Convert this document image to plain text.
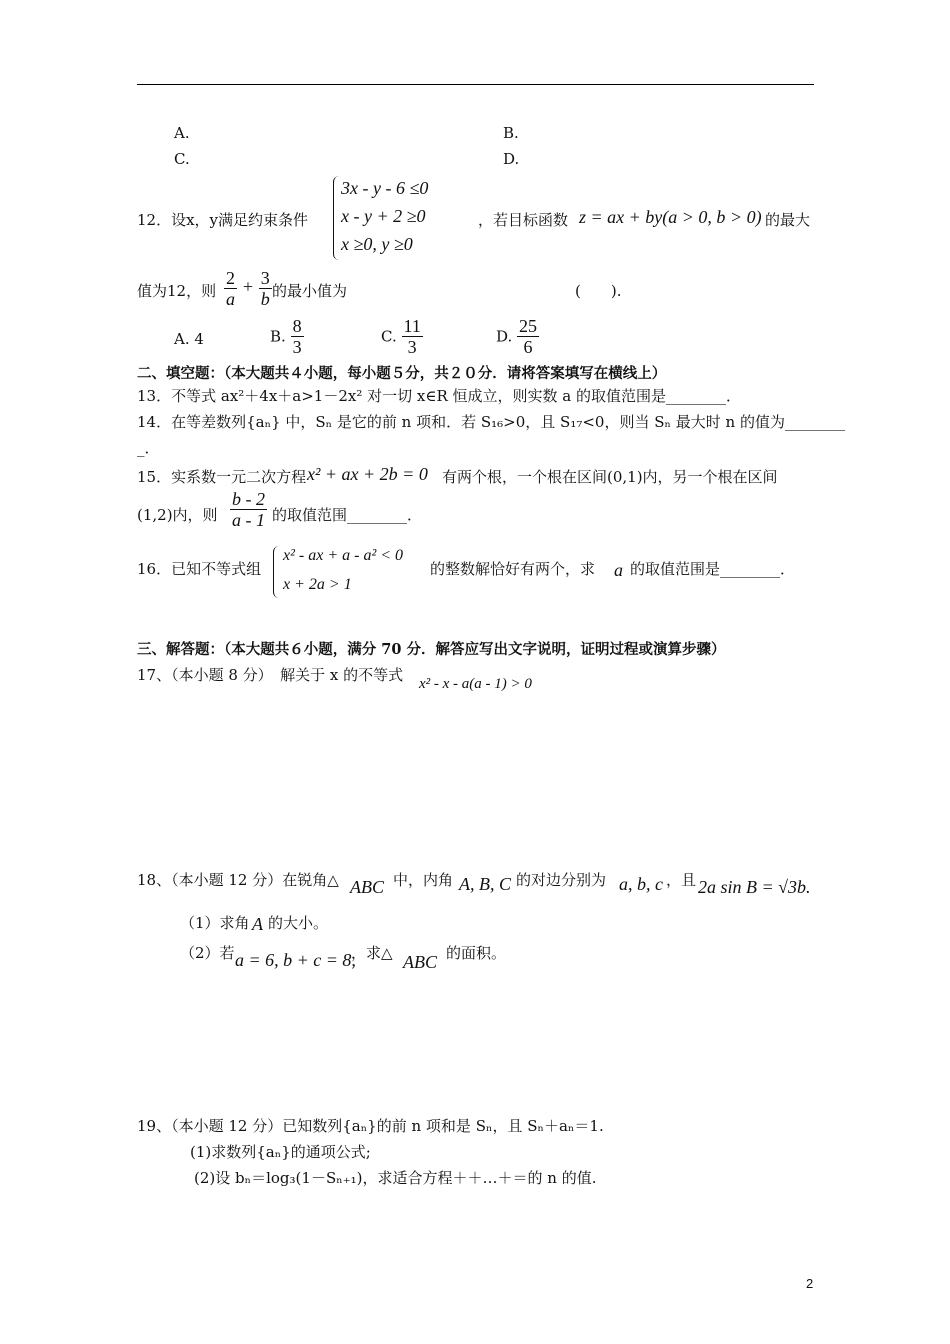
A.	B.
C.	D.
12．设x，y满足约束条件
3x - y - 6 ≤0
x - y + 2 ≥0
x ≥0, y ≥0
，若目标函数 z = ax + by(a > 0, b > 0) 的最大
值为12，则 $\frac{2}{a} + \frac{3}{b}$ 的最小值为	(　　).
A. 4	B. $\frac{8}{3}$	C. $\frac{11}{3}$	D. $\frac{25}{6}$
二、填空题：（本大题共４小题，每小题５分，共２０分．请将答案填写在横线上）
13．不等式 ax²＋4x＋a>1－2x² 对一切 x∈R 恒成立，则实数 a 的取值范围是________．
14．在等差数列{aₙ} 中，Sₙ 是它的前 n 项和．若 S₁₆>0，且 S₁₇<0，则当 Sₙ 最大时 n 的值为________
_．
15．实系数一元二次方程 x² + ax + 2b = 0 有两个根，一个根在区间(0,1)内，另一个根在区间
(1,2)内，则 $\frac{b - 2}{a - 1}$ 的取值范围________．
16．已知不等式组
x² - ax + a - a² < 0
x + 2a > 1
的整数解恰好有两个，求 a 的取值范围是________．
三、解答题：（本大题共６小题，满分 70 分．解答应写出文字说明，证明过程或演算步骤）
17、（本小题 8 分）　解关于 x 的不等式 x² - x - a(a - 1) > 0
18、（本小题 12 分）在锐角△ ABC 中，内角 A, B, C 的对边分别为 a, b, c ，且 2a sin B = √3b.
（1）求角 A 的大小。
（2）若 a = 6, b + c = 8,
，求△ ABC 的面积。
19、（本小题 12 分）已知数列{aₙ}的前 n 项和是 Sₙ，且 Sₙ＋aₙ＝1.
(1)求数列{aₙ}的通项公式;
(2)设 bₙ＝log₃(1－Sₙ₊₁)，求适合方程＋＋…＋＝的 n 的值.
2
